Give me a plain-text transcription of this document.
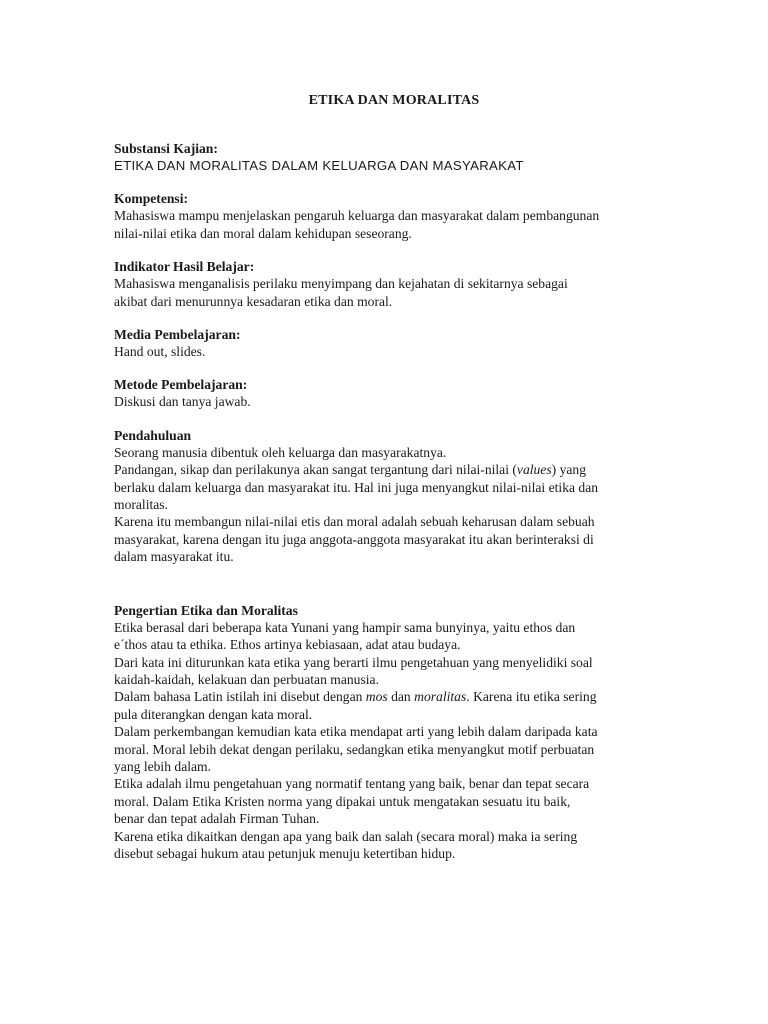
ETIKA DAN MORALITAS
Substansi Kajian:
ETIKA DAN MORALITAS DALAM KELUARGA DAN MASYARAKAT
Kompetensi:
Mahasiswa mampu menjelaskan pengaruh keluarga dan masyarakat dalam pembangunan
nilai-nilai etika dan moral dalam kehidupan seseorang.
Indikator Hasil Belajar:
Mahasiswa menganalisis perilaku menyimpang dan kejahatan di sekitarnya sebagai
akibat dari menurunnya kesadaran etika dan moral.
Media Pembelajaran:
Hand out, slides.
Metode Pembelajaran:
Diskusi dan tanya jawab.
Pendahuluan
Seorang manusia dibentuk oleh keluarga dan masyarakatnya.
Pandangan, sikap dan perilakunya akan sangat tergantung dari nilai-nilai (values) yang
berlaku dalam keluarga dan masyarakat itu. Hal ini juga menyangkut nilai-nilai etika dan
moralitas.
Karena itu membangun nilai-nilai etis dan moral adalah sebuah keharusan dalam sebuah
masyarakat, karena dengan itu juga anggota-anggota masyarakat itu akan berinteraksi di
dalam masyarakat itu.
Pengertian Etika dan Moralitas
Etika berasal dari beberapa kata Yunani yang hampir sama bunyinya, yaitu ethos dan
e´thos atau ta ethika. Ethos artinya kebiasaan, adat atau budaya.
Dari kata ini diturunkan kata etika yang berarti ilmu pengetahuan yang menyelidiki soal
kaidah-kaidah, kelakuan dan perbuatan manusia.
Dalam bahasa Latin istilah ini disebut dengan mos dan moralitas. Karena itu etika sering
pula diterangkan dengan kata moral.
Dalam perkembangan kemudian kata etika mendapat arti yang lebih dalam daripada kata
moral. Moral lebih dekat dengan perilaku, sedangkan etika menyangkut motif perbuatan
yang lebih dalam.
Etika adalah ilmu pengetahuan yang normatif tentang yang baik, benar dan tepat secara
moral. Dalam Etika Kristen norma yang dipakai untuk mengatakan sesuatu itu baik,
benar dan tepat adalah Firman Tuhan.
Karena etika dikaitkan dengan apa yang baik dan salah (secara moral) maka ia sering
disebut sebagai hukum atau petunjuk menuju ketertiban hidup.
